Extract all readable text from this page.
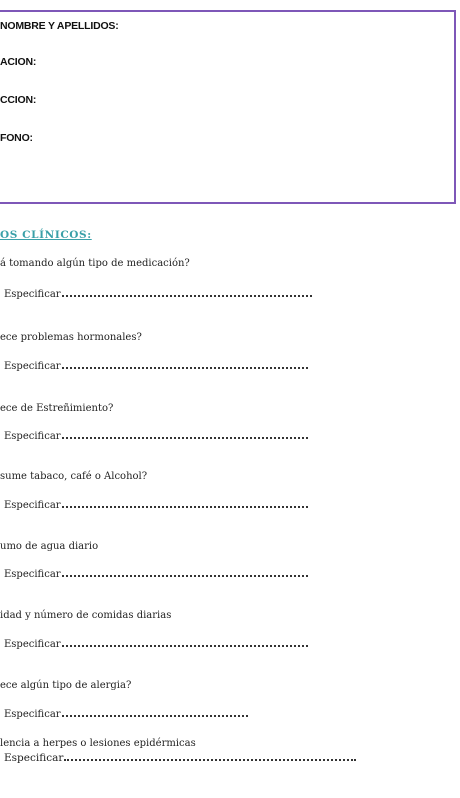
NOMBRE Y APELLIDOS:
ACION:
CCION:
FONO:
OS CLÍNICOS:
á tomando algún tipo de medicación?
Especificar
ece problemas hormonales?
Especificar
ece de Estreñimiento?
Especificar
sume tabaco, café o Alcohol?
Especificar
umo de agua diario
Especificar
idad y número de comidas diarias
Especificar
ece algún tipo de alergia?
Especificar
lencia a herpes o lesiones epidérmicas
Especificar
